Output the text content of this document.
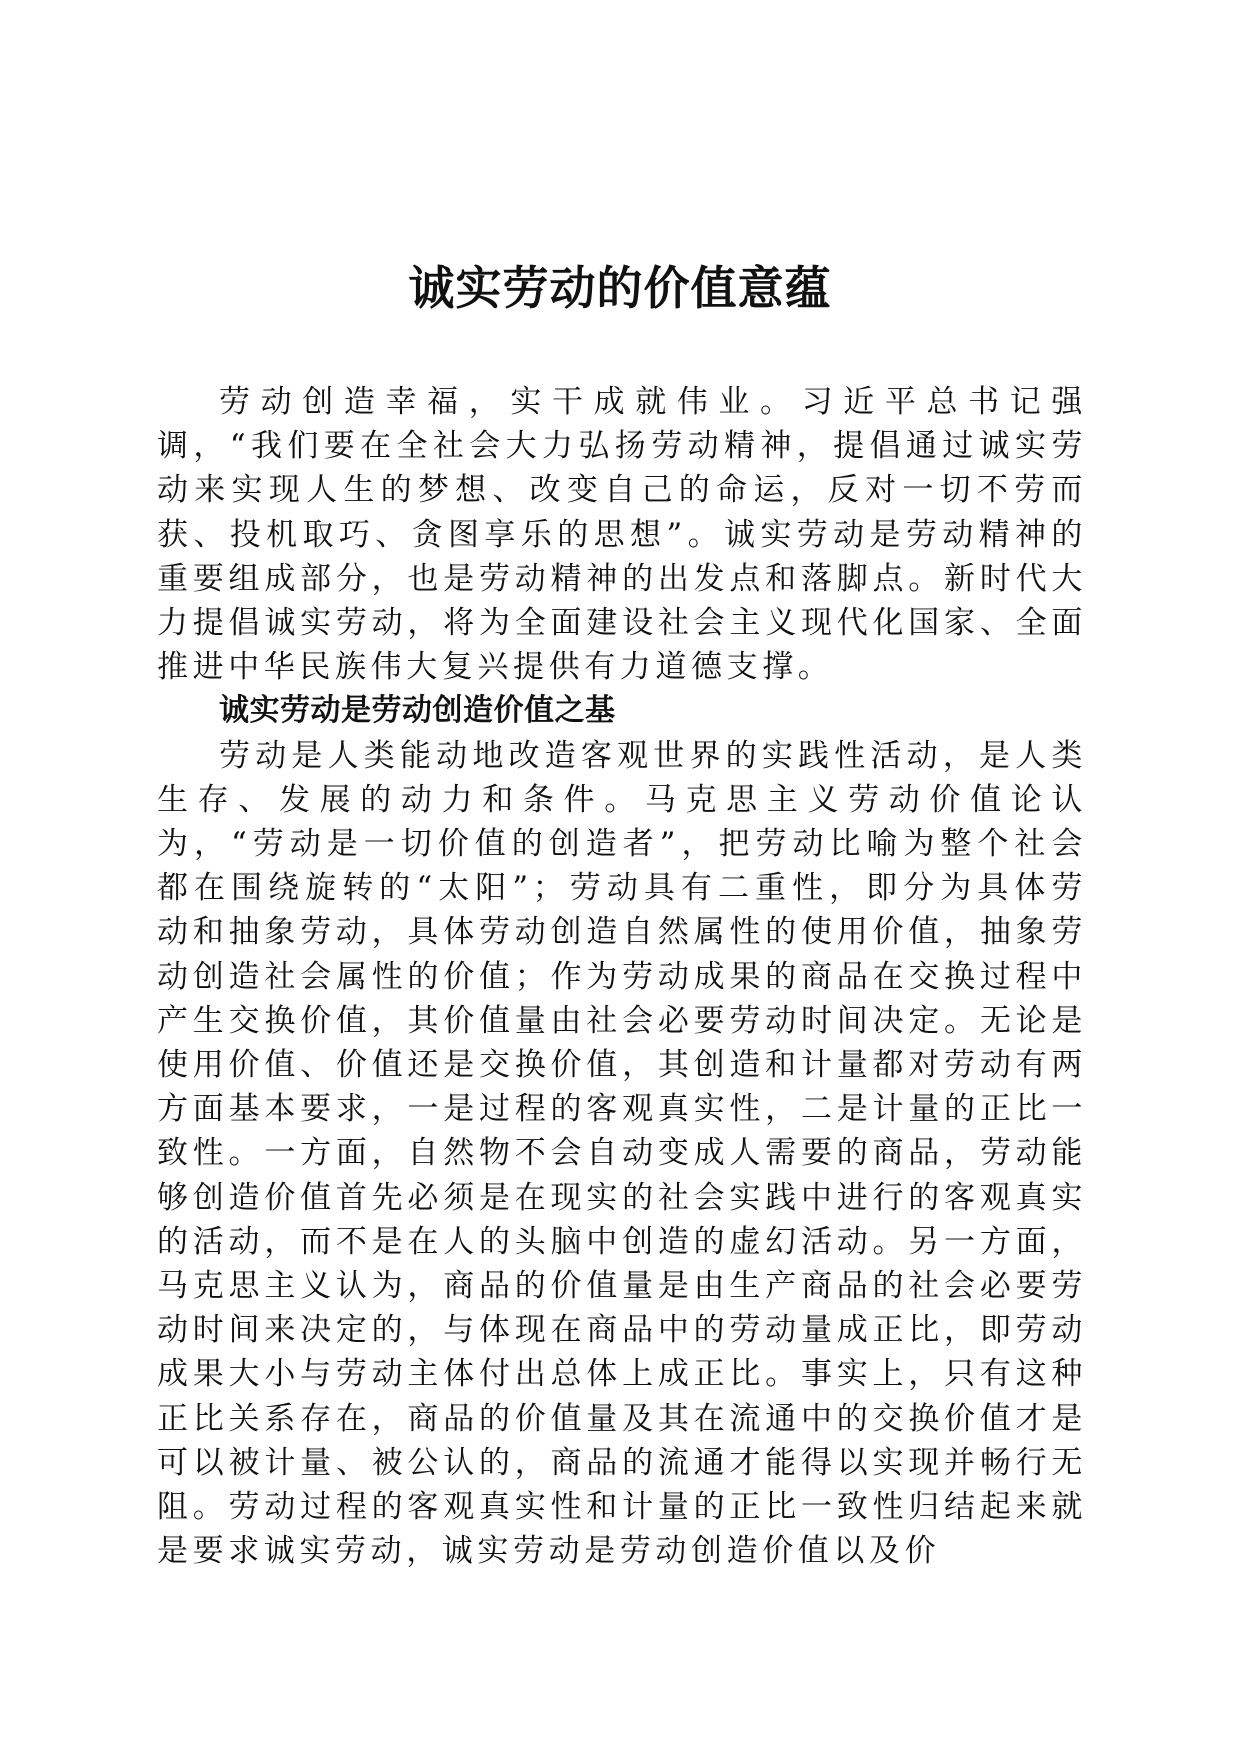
诚实劳动的价值意蕴

劳动创造幸福，实干成就伟业。习近平总书记强调，“我们要在全社会大力弘扬劳动精神，提倡通过诚实劳动来实现人生的梦想、改变自己的命运，反对一切不劳而获、投机取巧、贪图享乐的思想”。诚实劳动是劳动精神的重要组成部分，也是劳动精神的出发点和落脚点。新时代大力提倡诚实劳动，将为全面建设社会主义现代化国家、全面推进中华民族伟大复兴提供有力道德支撑。

诚实劳动是劳动创造价值之基

劳动是人类能动地改造客观世界的实践性活动，是人类生存、发展的动力和条件。马克思主义劳动价值论认为，“劳动是一切价值的创造者”，把劳动比喻为整个社会都在围绕旋转的“太阳”；劳动具有二重性，即分为具体劳动和抽象劳动，具体劳动创造自然属性的使用价值，抽象劳动创造社会属性的价值；作为劳动成果的商品在交换过程中产生交换价值，其价值量由社会必要劳动时间决定。无论是使用价值、价值还是交换价值，其创造和计量都对劳动有两方面基本要求，一是过程的客观真实性，二是计量的正比一致性。一方面，自然物不会自动变成人需要的商品，劳动能够创造价值首先必须是在现实的社会实践中进行的客观真实的活动，而不是在人的头脑中创造的虚幻活动。另一方面，马克思主义认为，商品的价值量是由生产商品的社会必要劳动时间来决定的，与体现在商品中的劳动量成正比，即劳动成果大小与劳动主体付出总体上成正比。事实上，只有这种正比关系存在，商品的价值量及其在流通中的交换价值才是可以被计量、被公认的，商品的流通才能得以实现并畅行无阻。劳动过程的客观真实性和计量的正比一致性归结起来就是要求诚实劳动，诚实劳动是劳动创造价值以及价
